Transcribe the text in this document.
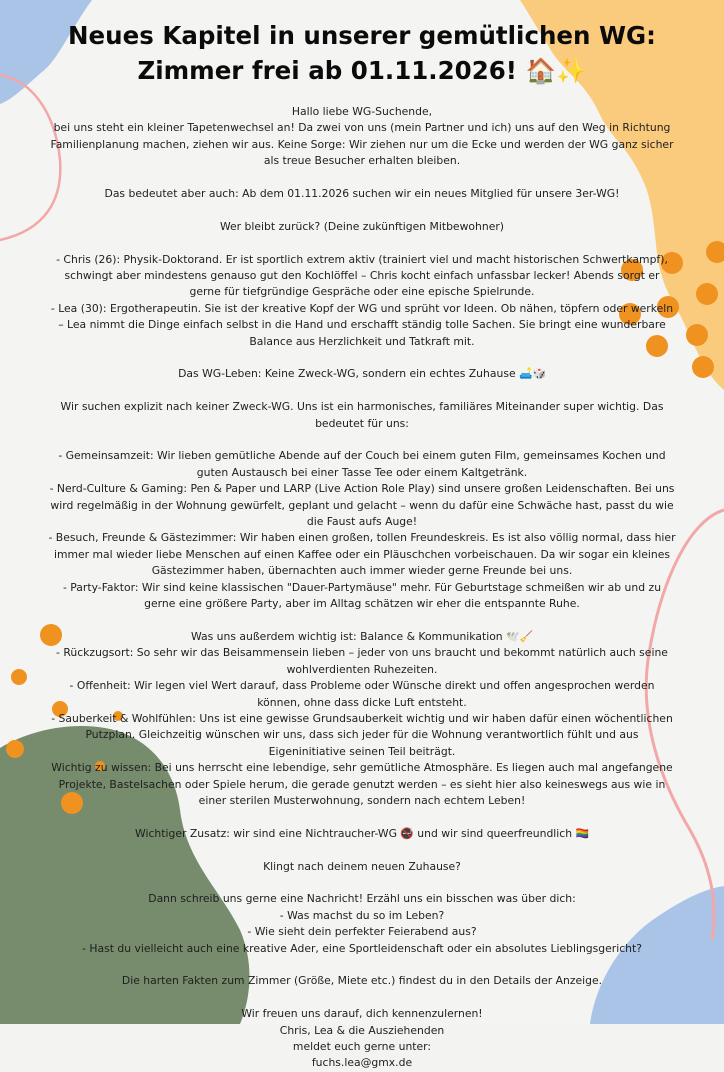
Neues Kapitel in unserer gemütlichen WG:
Zimmer frei ab 01.11.2026! 🏠✨

Hallo liebe WG-Suchende,

bei uns steht ein kleiner Tapetenwechsel an! Da zwei von uns (mein Partner und ich) uns auf den Weg in Richtung Familienplanung machen, ziehen wir aus. Keine Sorge: Wir ziehen nur um die Ecke und werden der WG ganz sicher als treue Besucher erhalten bleiben.

Das bedeutet aber auch: Ab dem 01.11.2026 suchen wir ein neues Mitglied für unsere 3er-WG!

Wer bleibt zurück? (Deine zukünftigen Mitbewohner)

- Chris (26): Physik-Doktorand. Er ist sportlich extrem aktiv (trainiert viel und macht historischen Schwertkampf), schwingt aber mindestens genauso gut den Kochlöffel – Chris kocht einfach unfassbar lecker! Abends sorgt er gerne für tiefgründige Gespräche oder eine epische Spielrunde.

- Lea (30): Ergotherapeutin. Sie ist der kreative Kopf der WG und sprüht vor Ideen. Ob nähen, töpfern oder werkeln – Lea nimmt die Dinge einfach selbst in die Hand und erschafft ständig tolle Sachen. Sie bringt eine wunderbare Balance aus Herzlichkeit und Tatkraft mit.

Das WG-Leben: Keine Zweck-WG, sondern ein echtes Zuhause 🛋️🎲

Wir suchen explizit nach keiner Zweck-WG. Uns ist ein harmonisches, familiäres Miteinander super wichtig. Das bedeutet für uns:

- Gemeinsamzeit: Wir lieben gemütliche Abende auf der Couch bei einem guten Film, gemeinsames Kochen und guten Austausch bei einer Tasse Tee oder einem Kaltgetränk.

- Nerd-Culture & Gaming: Pen & Paper und LARP (Live Action Role Play) sind unsere großen Leidenschaften. Bei uns wird regelmäßig in der Wohnung gewürfelt, geplant und gelacht – wenn du dafür eine Schwäche hast, passt du wie die Faust aufs Auge!

- Besuch, Freunde & Gästezimmer: Wir haben einen großen, tollen Freundeskreis. Es ist also völlig normal, dass hier immer mal wieder liebe Menschen auf einen Kaffee oder ein Pläuschchen vorbeischauen. Da wir sogar ein kleines Gästezimmer haben, übernachten auch immer wieder gerne Freunde bei uns.

- Party-Faktor: Wir sind keine klassischen "Dauer-Partymäuse" mehr. Für Geburtstage schmeißen wir ab und zu gerne eine größere Party, aber im Alltag schätzen wir eher die entspannte Ruhe.

Was uns außerdem wichtig ist: Balance & Kommunikation 🕊️🧹

- Rückzugsort: So sehr wir das Beisammensein lieben – jeder von uns braucht und bekommt natürlich auch seine wohlverdienten Ruhezeiten.

- Offenheit: Wir legen viel Wert darauf, dass Probleme oder Wünsche direkt und offen angesprochen werden können, ohne dass dicke Luft entsteht.

- Sauberkeit & Wohlfühlen: Uns ist eine gewisse Grundsauberkeit wichtig und wir haben dafür einen wöchentlichen Putzplan. Gleichzeitig wünschen wir uns, dass sich jeder für die Wohnung verantwortlich fühlt und aus Eigeninitiative seinen Teil beiträgt.

Wichtig zu wissen: Bei uns herrscht eine lebendige, sehr gemütliche Atmosphäre. Es liegen auch mal angefangene Projekte, Bastelsachen oder Spiele herum, die gerade genutzt werden – es sieht hier also keineswegs aus wie in einer sterilen Musterwohnung, sondern nach echtem Leben!

Wichtiger Zusatz: wir sind eine Nichtraucher-WG 🚭 und wir sind queerfreundlich 🏳️‍🌈

Klingt nach deinem neuen Zuhause?

Dann schreib uns gerne eine Nachricht! Erzähl uns ein bisschen was über dich:

- Was machst du so im Leben?

- Wie sieht dein perfekter Feierabend aus?

- Hast du vielleicht auch eine kreative Ader, eine Sportleidenschaft oder ein absolutes Lieblingsgericht?

Die harten Fakten zum Zimmer (Größe, Miete etc.) findest du in den Details der Anzeige.

Wir freuen uns darauf, dich kennenzulernen!

Chris, Lea & die Ausziehenden

meldet euch gerne unter:

fuchs.lea@gmx.de
